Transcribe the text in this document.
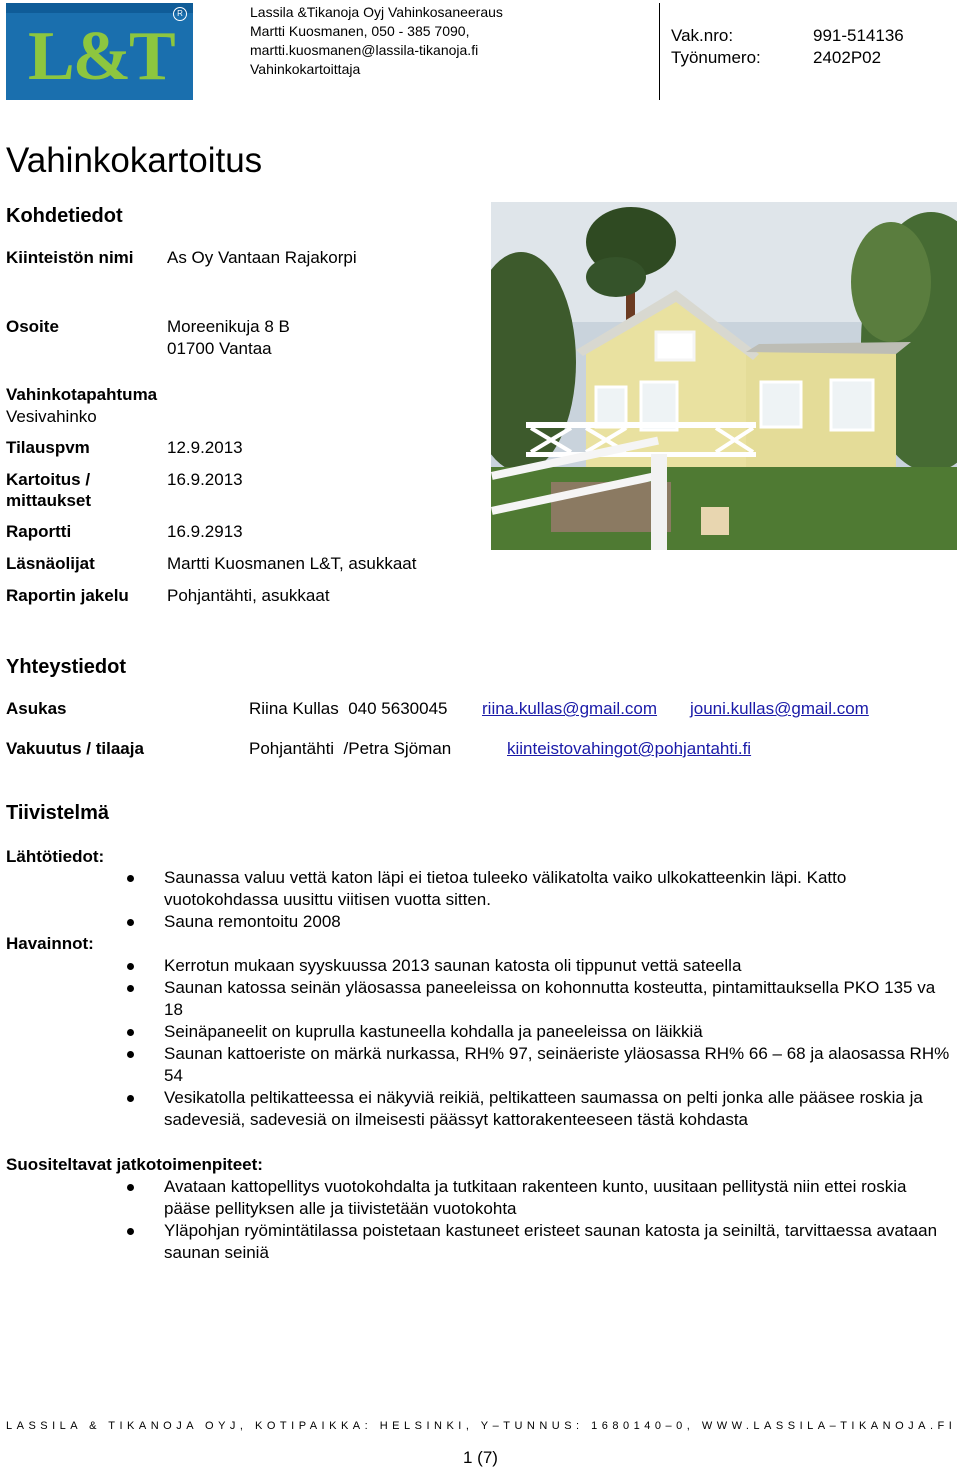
L&T
R	Lassila &Tikanoja Oyj Vahinkosaneeraus
Martti Kuosmanen, 050 - 385 7090,
martti.kuosmanen@lassila-tikanoja.fi
Vahinkokartoittaja
Vak.nro:	991-514136
Työnumero:	2402P02
Vahinkokartoitus
Kohdetiedot
Kiinteistön nimi As Oy Vantaan Rajakorpi
Osoite	Moreenikuja 8 B
01700 Vantaa
Vahinkotapahtuma
Vesivahinko
Tilauspvm	12.9.2013
Kartoitus /
mittaukset
16.9.2013
Raportti	16.9.2913
Läsnäolijat	Martti Kuosmanen L&T, asukkaat
Raportin jakelu Pohjantähti, asukkaat
Yhteystiedot
Asukas	Riina Kullas  040 5630045 riina.kullas@gmail.com jouni.kullas@gmail.com
Vakuutus / tilaaja	Pohjantähti  /Petra Sjöman	kiinteistovahingot@pohjantahti.fi
Tiivistelmä
Lähtötiedot:
Saunassa valuu vettä katon läpi ei tietoa tuleeko välikatolta vaiko ulkokatteenkin läpi. Katto vuotokohdassa uusittu viitisen vuotta sitten.
Sauna remontoitu 2008
Havainnot:
Kerrotun mukaan syyskuussa 2013 saunan katosta oli tippunut vettä sateella
Saunan katossa seinän yläosassa paneeleissa on kohonnutta kosteutta, pintamittauksella PKO 135 va 18
Seinäpaneelit on kuprulla kastuneella kohdalla ja paneeleissa on läikkiä
Saunan kattoeriste on märkä nurkassa, RH% 97, seinäeriste yläosassa RH% 66 – 68 ja alaosassa RH% 54
Vesikatolla peltikatteessa ei näkyviä reikiä, peltikatteen saumassa on pelti jonka alle pääsee roskia ja sadevesiä, sadevesiä on ilmeisesti päässyt kattorakenteeseen tästä kohdasta
Suositeltavat jatkotoimenpiteet:
Avataan kattopellitys vuotokohdalta ja tutkitaan rakenteen kunto, uusitaan pellitystä niin ettei roskia pääse pellityksen alle ja tiivistetään vuotokohta
Yläpohjan ryömintätilassa poistetaan kastuneet eristeet saunan katosta ja seiniltä, tarvittaessa avataan saunan seiniä
LASSILA & TIKANOJA OYJ, KOTIPAIKKA: HELSINKI, Y–TUNNUS: 1680140–0, WWW.LASSILA–TIKANOJA.FI
1 (7)
